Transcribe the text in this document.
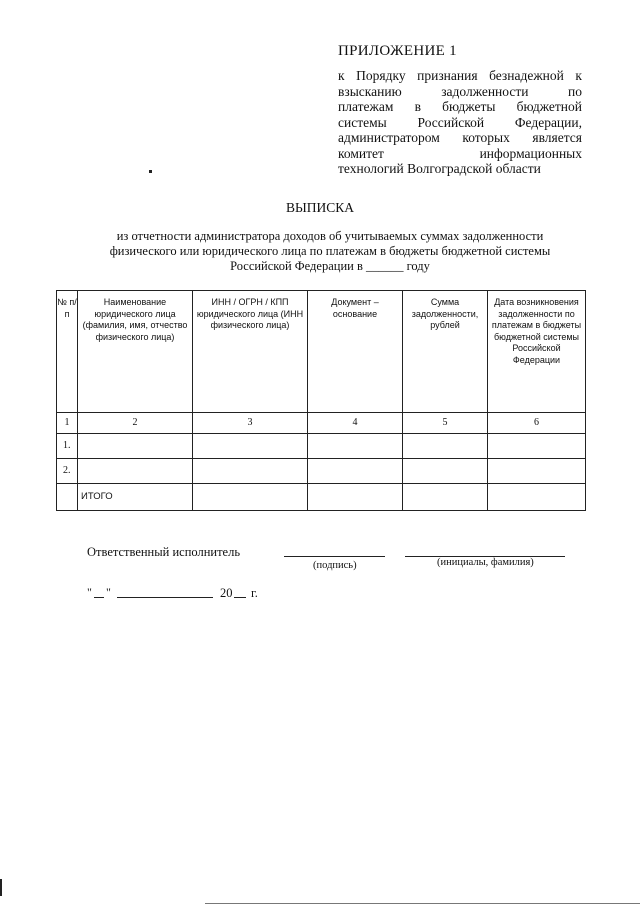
ПРИЛОЖЕНИЕ 1
к Порядку признания безнадежной к
взысканию задолженности по
платежам в бюджеты бюджетной
системы Российской Федерации,
администратором которых является
комитет информационных
технологий Волгоградской области
ВЫПИСКА
из отчетности администратора доходов об учитываемых суммах задолженности
физического или юридического лица по платежам в бюджеты бюджетной системы
Российской Федерации в ______ году
№ п/п	Наименование юридического лица (фамилия, имя, отчество физического лица)	ИНН / ОГРН / КПП юридического лица (ИНН физического лица)	Документ – основание	Сумма задолженности, рублей	Дата возникновения задолженности по платежам в бюджеты бюджетной системы Российской Федерации
1	2	3	4	5	6
1.					
2.					
	ИТОГО				
Ответственный исполнитель
(подпись)	(инициалы, фамилия)
" "	20 г.
